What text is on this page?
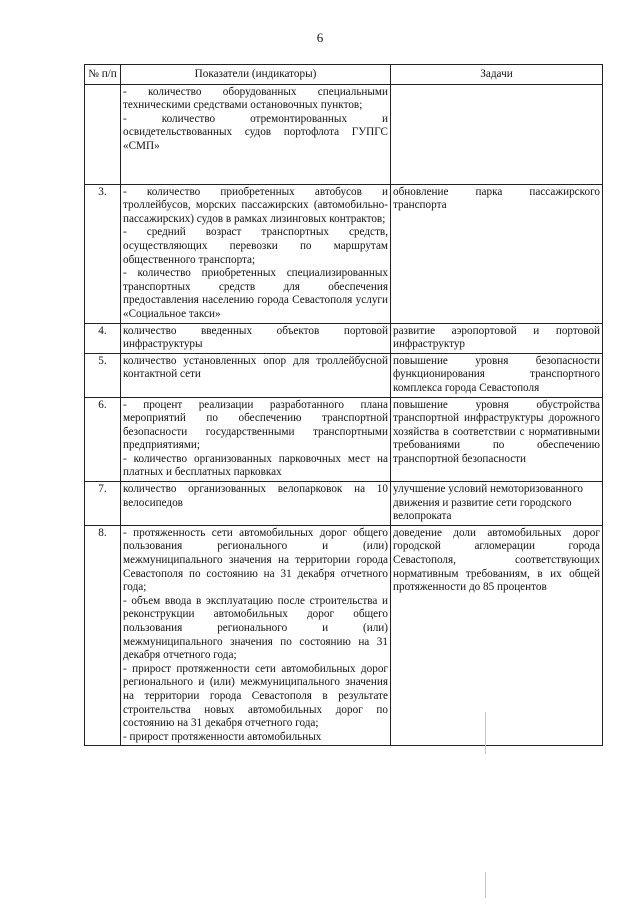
6
№ п/п	Показатели (индикаторы)	Задачи

	- количество оборудованных специальными техническими средствами остановочных пунктов;
- количество отремонтированных и освидетельствованных судов портофлота ГУПГС «СМП»	

3.	- количество приобретенных автобусов и троллейбусов, морских пассажирских (автомобильно-пассажирских) судов в рамках лизинговых контрактов;
- средний возраст транспортных средств, осуществляющих перевозки по маршрутам общественного транспорта;
- количество приобретенных специализированных транспортных средств для обеспечения предоставления населению города Севастополя услуги «Социальное такси»	обновление парка пассажирского транспорта

4.	количество введенных объектов портовой инфраструктуры	развитие аэропортовой и портовой инфраструктур

5.	количество установленных опор для троллейбусной контактной сети	повышение уровня безопасности функционирования транспортного комплекса города Севастополя

6.	- процент реализации разработанного плана мероприятий по обеспечению транспортной безопасности государственными транспортными предприятиями;
- количество организованных парковочных мест на платных и бесплатных парковках	повышение уровня обустройства транспортной инфраструктуры дорожного хозяйства в соответствии с нормативными требованиями по обеспечению транспортной безопасности

7.	количество организованных велопарковок на 10 велосипедов	улучшение условий немоторизованного движения и развитие сети городского велопроката

8.	- протяженность сети автомобильных дорог общего пользования регионального и (или) межмуниципального значения на территории города Севастополя по состоянию на 31 декабря отчетного года;
- объем ввода в эксплуатацию после строительства и реконструкции автомобильных дорог общего пользования регионального и (или) межмуниципального значения по состоянию на 31 декабря отчетного года;
- прирост протяженности сети автомобильных дорог регионального и (или) межмуниципального значения на территории города Севастополя в результате строительства новых автомобильных дорог по состоянию на 31 декабря отчетного года;
- прирост протяженности автомобильных	доведение доли автомобильных дорог городской агломерации города Севастополя, соответствующих нормативным требованиям, в их общей протяженности до 85 процентов
